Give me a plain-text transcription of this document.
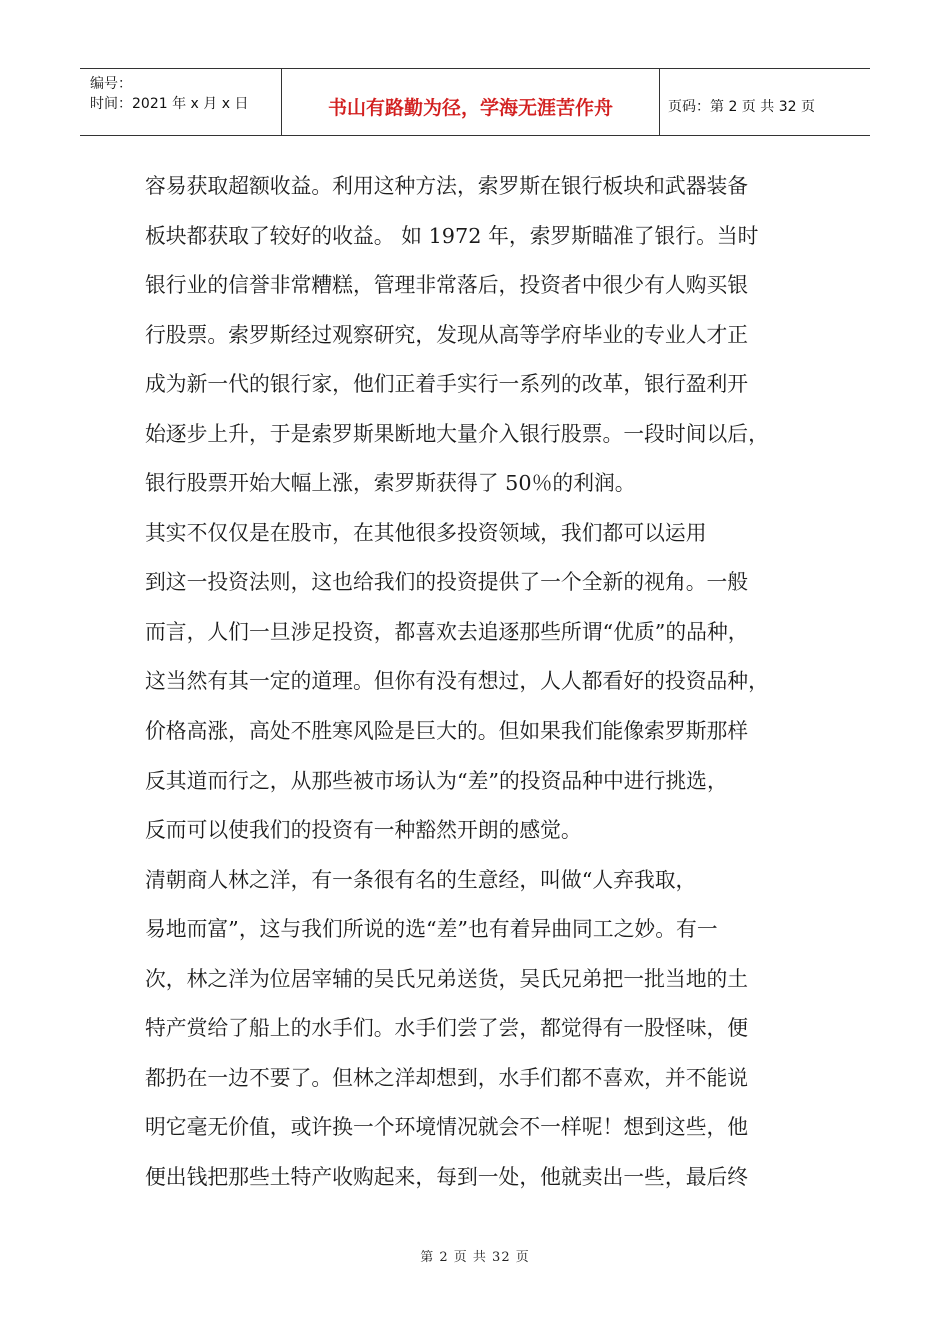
编号：
时间：2021 年 x 月 x 日	书山有路勤为径，学海无涯苦作舟	页码：第 2 页 共 32 页
容易获取超额收益。利用这种方法，索罗斯在银行板块和武器装备
板块都获取了较好的收益。 如 1972 年，索罗斯瞄准了银行。当时
银行业的信誉非常糟糕，管理非常落后，投资者中很少有人购买银
行股票。索罗斯经过观察研究，发现从高等学府毕业的专业人才正
成为新一代的银行家，他们正着手实行一系列的改革，银行盈利开
始逐步上升，于是索罗斯果断地大量介入银行股票。一段时间以后，
银行股票开始大幅上涨，索罗斯获得了 50％的利润。
其实不仅仅是在股市，在其他很多投资领域，我们都可以运用
到这一投资法则，这也给我们的投资提供了一个全新的视角。一般
而言，人们一旦涉足投资，都喜欢去追逐那些所谓“优质”的品种，
这当然有其一定的道理。但你有没有想过，人人都看好的投资品种，
价格高涨，高处不胜寒风险是巨大的。但如果我们能像索罗斯那样
反其道而行之，从那些被市场认为“差”的投资品种中进行挑选，
反而可以使我们的投资有一种豁然开朗的感觉。
清朝商人林之洋，有一条很有名的生意经，叫做“人弃我取，
易地而富”，这与我们所说的选“差”也有着异曲同工之妙。有一
次，林之洋为位居宰辅的吴氏兄弟送货，吴氏兄弟把一批当地的土
特产赏给了船上的水手们。水手们尝了尝，都觉得有一股怪味，便
都扔在一边不要了。但林之洋却想到，水手们都不喜欢，并不能说
明它毫无价值，或许换一个环境情况就会不一样呢！想到这些，他
便出钱把那些土特产收购起来，每到一处，他就卖出一些，最后终
第 2 页 共 32 页
